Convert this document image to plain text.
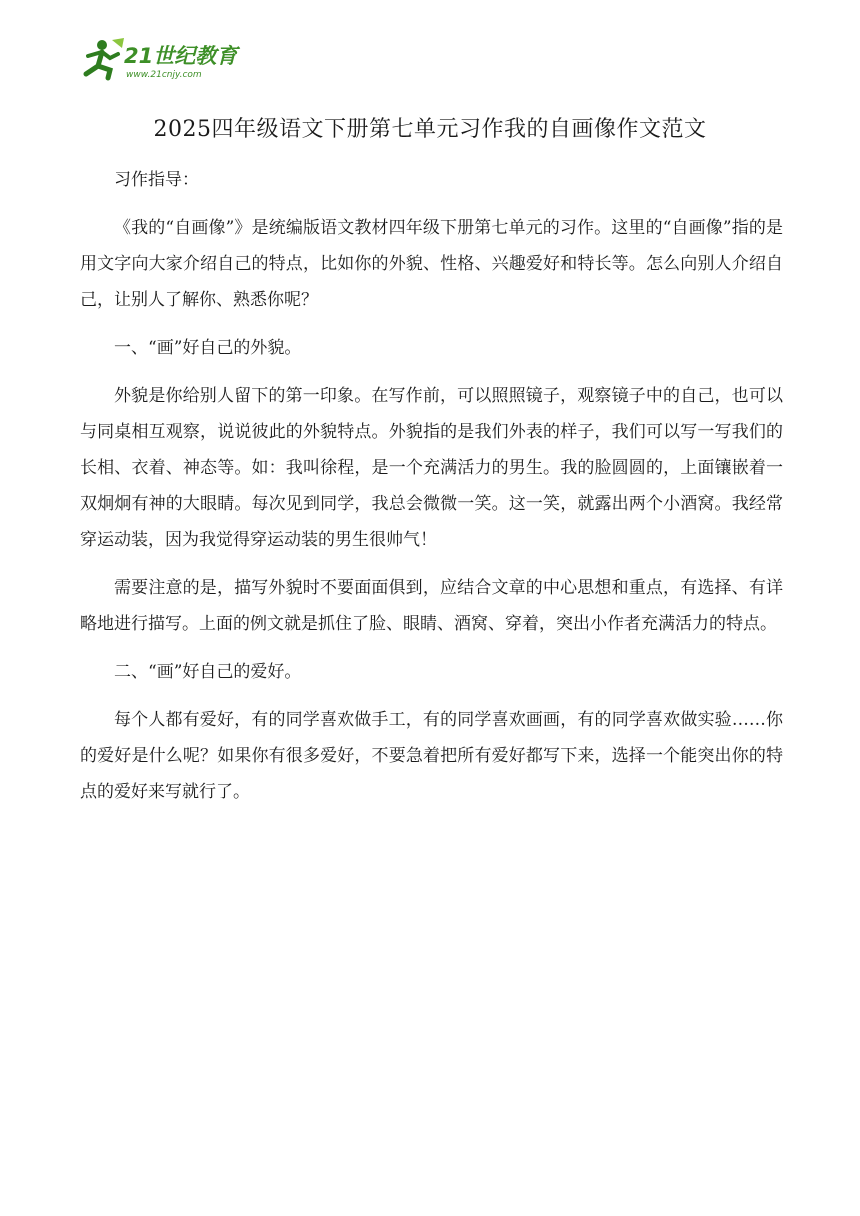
21世纪教育
www.21cnjy.com
2025四年级语文下册第七单元习作我的自画像作文范文

习作指导：

《我的“自画像”》是统编版语文教材四年级下册第七单元的习作。这里的“自画像”指的是用文字向大家介绍自己的特点，比如你的外貌、性格、兴趣爱好和特长等。怎么向别人介绍自己，让别人了解你、熟悉你呢？

一、“画”好自己的外貌。

外貌是你给别人留下的第一印象。在写作前，可以照照镜子，观察镜子中的自己，也可以与同桌相互观察，说说彼此的外貌特点。外貌指的是我们外表的样子，我们可以写一写我们的长相、衣着、神态等。如：我叫徐程，是一个充满活力的男生。我的脸圆圆的，上面镶嵌着一双炯炯有神的大眼睛。每次见到同学，我总会微微一笑。这一笑，就露出两个小酒窝。我经常穿运动装，因为我觉得穿运动装的男生很帅气！

需要注意的是，描写外貌时不要面面俱到，应结合文章的中心思想和重点，有选择、有详略地进行描写。上面的例文就是抓住了脸、眼睛、酒窝、穿着，突出小作者充满活力的特点。

二、“画”好自己的爱好。

每个人都有爱好，有的同学喜欢做手工，有的同学喜欢画画，有的同学喜欢做实验……你的爱好是什么呢？如果你有很多爱好，不要急着把所有爱好都写下来，选择一个能突出你的特点的爱好来写就行了。
